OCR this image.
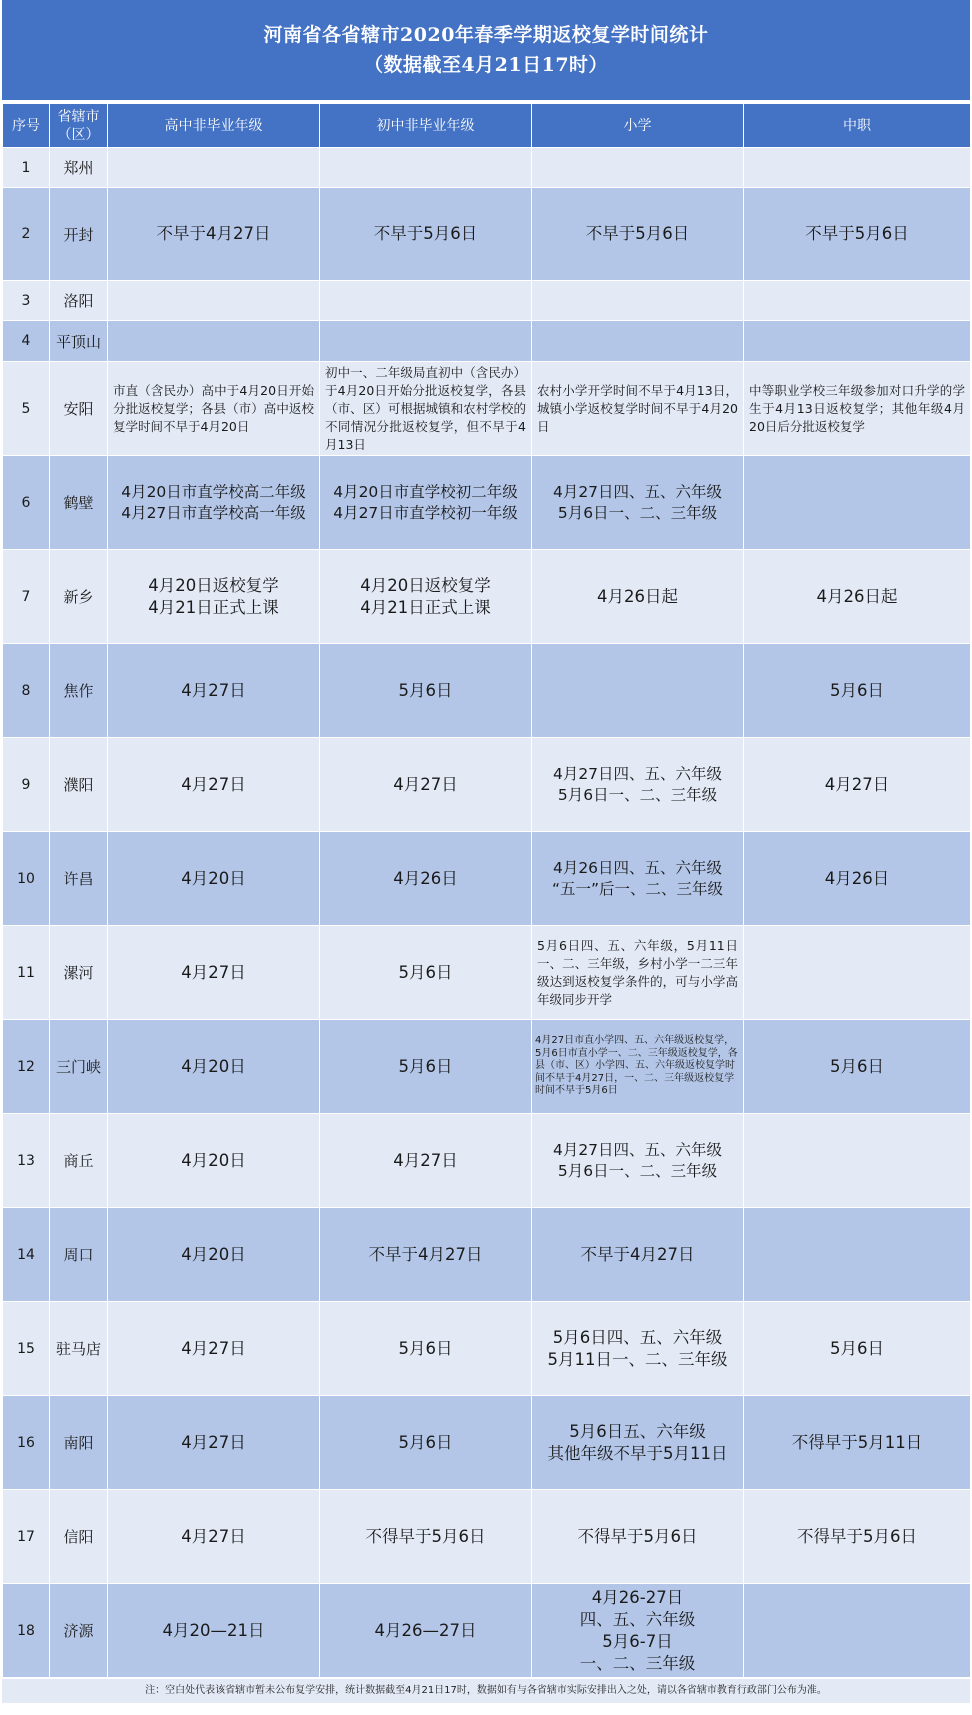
河南省各省辖市2020年春季学期返校复学时间统计
（数据截至4月21日17时）
序号	省辖市（区）	高中非毕业年级	初中非毕业年级	小学	中职
1	郑州				
2	开封	不早于4月27日	不早于5月6日	不早于5月6日	不早于5月6日
3	洛阳				
4	平顶山				
5	安阳	市直（含民办）高中于4月20日开始分批返校复学；各县（市）高中返校复学时间不早于4月20日	初中一、二年级局直初中（含民办）于4月20日开始分批返校复学，各县（市、区）可根据城镇和农村学校的不同情况分批返校复学，但不早于4月13日	农村小学开学时间不早于4月13日，城镇小学返校复学时间不早于4月20日	中等职业学校三年级参加对口升学的学生于4月13日返校复学；其他年级4月20日后分批返校复学
6	鹤壁	4月20日市直学校高二年级
4月27日市直学校高一年级	4月20日市直学校初二年级
4月27日市直学校初一年级	4月27日四、五、六年级
5月6日一、二、三年级	
7	新乡	4月20日返校复学
4月21日正式上课	4月20日返校复学
4月21日正式上课	4月26日起	4月26日起
8	焦作	4月27日	5月6日		5月6日
9	濮阳	4月27日	4月27日	4月27日四、五、六年级
5月6日一、二、三年级	4月27日
10	许昌	4月20日	4月26日	4月26日四、五、六年级
“五一”后一、二、三年级	4月26日
11	漯河	4月27日	5月6日	5月6日四、五、六年级，5月11日一、二、三年级，乡村小学一二三年级达到返校复学条件的，可与小学高年级同步开学	
12	三门峡	4月20日	5月6日	4月27日市直小学四、五、六年级返校复学，5月6日市直小学一、二、三年级返校复学，各县（市、区）小学四、五、六年级返校复学时间不早于4月27日，一、二、三年级返校复学时间不早于5月6日	5月6日
13	商丘	4月20日	4月27日	4月27日四、五、六年级
5月6日一、二、三年级	
14	周口	4月20日	不早于4月27日	不早于4月27日	
15	驻马店	4月27日	5月6日	5月6日四、五、六年级
5月11日一、二、三年级	5月6日
16	南阳	4月27日	5月6日	5月6日五、六年级
其他年级不早于5月11日	不得早于5月11日
17	信阳	4月27日	不得早于5月6日	不得早于5月6日	不得早于5月6日
18	济源	4月20—21日	4月26—27日	4月26-27日
四、五、六年级
5月6-7日
一、二、三年级	
注：空白处代表该省辖市暂未公布复学安排，统计数据截至4月21日17时，数据如有与各省辖市实际安排出入之处，请以各省辖市教育行政部门公布为准。
